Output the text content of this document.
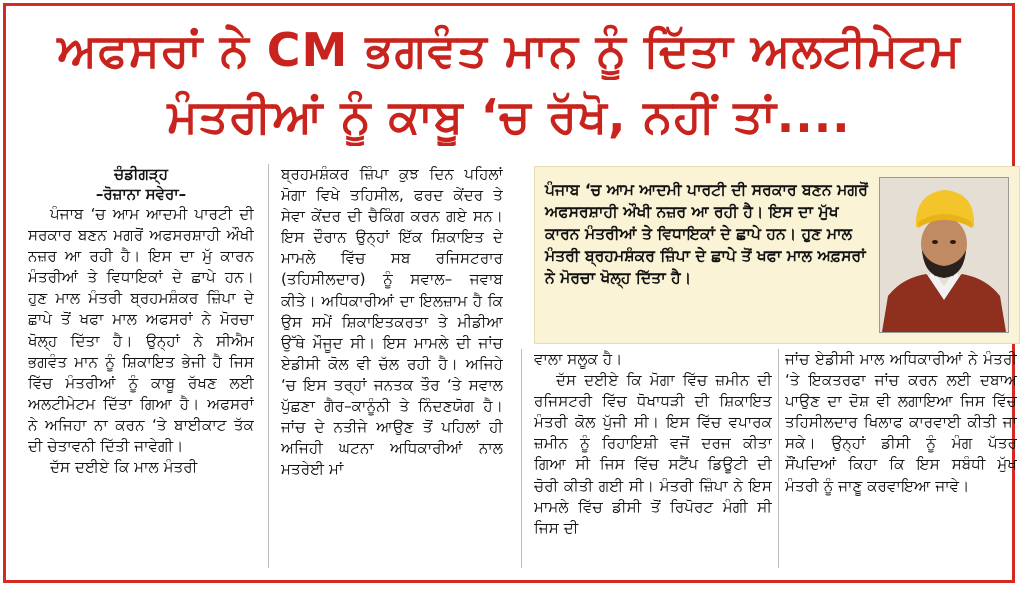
ਅਫਸਰਾਂ ਨੇ CM ਭਗਵੰਤ ਮਾਨ ਨੂੰ ਦਿੱਤਾ ਅਲਟੀਮੇਟਮ
ਮੰਤਰੀਆਂ ਨੂੰ ਕਾਬੂ ‘ਚ ਰੱਖੋ, ਨਹੀਂ ਤਾਂ....
ਚੰਡੀਗੜ੍ਹ
–ਰੋਜ਼ਾਨਾ ਸਵੇਰਾ–

ਪੰਜਾਬ ‘ਚ ਆਮ ਆਦਮੀ ਪਾਰਟੀ ਦੀ ਸਰਕਾਰ ਬਣਨ ਮਗਰੋਂ ਅਫਸਰਸ਼ਾਹੀ ਔਖੀ ਨਜ਼ਰ ਆ ਰਹੀ ਹੈ। ਇਸ ਦਾ ਮੁੱ ਕਾਰਨ ਮੰਤਰੀਆਂ ਤੇ ਵਿਧਾਇਕਾਂ ਦੇ ਛਾਪੇ ਹਨ। ਹੁਣ ਮਾਲ ਮੰਤਰੀ ਬ੍ਰਹਮਸ਼ੰਕਰ ਜ਼ਿੰਪਾ ਦੇ ਛਾਪੇ ਤੋਂ ਖਫਾ ਮਾਲ ਅਫਸਰਾਂ ਨੇ ਮੋਰਚਾ ਖੋਲ੍ਹ ਦਿੱਤਾ ਹੈ। ਉਨ੍ਹਾਂ ਨੇ ਸੀਐਮ ਭਗਵੰਤ ਮਾਨ ਨੂੰ ਸ਼ਿਕਾਇਤ ਭੇਜੀ ਹੈ ਜਿਸ ਵਿੱਚ ਮੰਤਰੀਆਂ ਨੂੰ ਕਾਬੂ ਰੱਖਣ ਲਈ ਅਲਟੀਮੇਟਮ ਦਿੱਤਾ ਗਿਆ ਹੈ। ਅਫਸਰਾਂ ਨੇ ਅਜਿਹਾ ਨਾ ਕਰਨ ‘ਤੇ ਬਾਈਕਾਟ ਤੱਕ ਦੀ ਚੇਤਾਵਨੀ ਦਿੱਤੀ ਜਾਵੇਗੀ।

ਦੱਸ ਦਈਏ ਕਿ ਮਾਲ ਮੰਤਰੀ

ਬ੍ਰਹਮਸ਼ੰਕਰ ਜ਼ਿੰਪਾ ਕੁਝ ਦਿਨ ਪਹਿਲਾਂ ਮੋਗਾ ਵਿਖੇ ਤਹਿਸੀਲ, ਫਰਦ ਕੇਂਦਰ ਤੇ ਸੇਵਾ ਕੇਂਦਰ ਦੀ ਚੈਕਿੰਗ ਕਰਨ ਗਏ ਸਨ। ਇਸ ਦੌਰਾਨ ਉਨ੍ਹਾਂ ਇੱਕ ਸ਼ਿਕਾਇਤ ਦੇ ਮਾਮਲੇ ਵਿੱਚ ਸਬ ਰਜਿਸਟਰਾਰ (ਤਹਿਸੀਲਦਾਰ) ਨੂੰ ਸਵਾਲ– ਜਵਾਬ ਕੀਤੇ। ਅਧਿਕਾਰੀਆਂ ਦਾ ਇਲਜ਼ਾਮ ਹੈ ਕਿ ਉਸ ਸਮੇਂ ਸ਼ਿਕਾਇਤਕਰਤਾ ਤੇ ਮੀਡੀਆ ਉੱਥੇ ਮੌਜੂਦ ਸੀ। ਇਸ ਮਾਮਲੇ ਦੀ ਜਾਂਚ ਏਡੀਸੀ ਕੋਲ ਵੀ ਚੱਲ ਰਹੀ ਹੈ। ਅਜਿਹੇ ‘ਚ ਇਸ ਤਰ੍ਹਾਂ ਜਨਤਕ ਤੌਰ ‘ਤੇ ਸਵਾਲ ਪੁੱਛਣਾ ਗੈਰ–ਕਾਨੂੰਨੀ ਤੇ ਨਿੰਦਣਯੋਗ ਹੈ। ਜਾਂਚ ਦੇ ਨਤੀਜੇ ਆਉਣ ਤੋਂ ਪਹਿਲਾਂ ਹੀ ਅਜਿਹੀ ਘਟਨਾ ਅਧਿਕਾਰੀਆਂ ਨਾਲ ਮਤਰੇਈ ਮਾਂ

ਪੰਜਾਬ ‘ਚ ਆਮ ਆਦਮੀ ਪਾਰਟੀ ਦੀ ਸਰਕਾਰ ਬਣਨ ਮਗਰੋਂ ਅਫਸਰਸ਼ਾਹੀ ਔਖੀ ਨਜ਼ਰ ਆ ਰਹੀ ਹੈ। ਇਸ ਦਾ ਮੁੱਖ ਕਾਰਨ ਮੰਤਰੀਆਂ ਤੇ ਵਿਧਾਇਕਾਂ ਦੇ ਛਾਪੇ ਹਨ। ਹੁਣ ਮਾਲ ਮੰਤਰੀ ਬ੍ਰਹਮਸ਼ੰਕਰ ਜ਼ਿੰਪਾ ਦੇ ਛਾਪੇ ਤੋਂ ਖਫਾ ਮਾਲ ਅਫ਼ਸਰਾਂ ਨੇ ਮੋਰਚਾ ਖੋਲ੍ਹ ਦਿੱਤਾ ਹੈ।

ਵਾਲਾ ਸਲੂਕ ਹੈ।

ਦੱਸ ਦਈਏ ਕਿ ਮੋਗਾ ਵਿੱਚ ਜ਼ਮੀਨ ਦੀ ਰਜਿਸਟਰੀ ਵਿੱਚ ਧੋਖਾਧੜੀ ਦੀ ਸ਼ਿਕਾਇਤ ਮੰਤਰੀ ਕੋਲ ਪੁੱਜੀ ਸੀ। ਇਸ ਵਿੱਚ ਵਪਾਰਕ ਜ਼ਮੀਨ ਨੂੰ ਰਿਹਾਇਸ਼ੀ ਵਜੋਂ ਦਰਜ ਕੀਤਾ ਗਿਆ ਸੀ ਜਿਸ ਵਿੱਚ ਸਟੈਂਪ ਡਿਊਟੀ ਦੀ ਚੋਰੀ ਕੀਤੀ ਗਈ ਸੀ। ਮੰਤਰੀ ਜ਼ਿੰਪਾ ਨੇ ਇਸ ਮਾਮਲੇ ਵਿੱਚ ਡੀਸੀ ਤੋਂ ਰਿਪੋਰਟ ਮੰਗੀ ਸੀ ਜਿਸ ਦੀ

ਜਾਂਚ ਏਡੀਸੀ ਮਾਲ ਅਧਿਕਾਰੀਆਂ ਨੇ ਮੰਤਰੀ ‘ਤੇ ਇਕਤਰਫਾ ਜਾਂਚ ਕਰਨ ਲਈ ਦਬਾਅ ਪਾਉਣ ਦਾ ਦੋਸ਼ ਵੀ ਲਗਾਇਆ ਜਿਸ ਵਿੱਚ ਤਹਿਸੀਲਦਾਰ ਖਿਲਾਫ ਕਾਰਵਾਈ ਕੀਤੀ ਜਾ ਸਕੇ। ਉਨ੍ਹਾਂ ਡੀਸੀ ਨੂੰ ਮੰਗ ਪੱਤਰ ਸੌਂਪਦਿਆਂ ਕਿਹਾ ਕਿ ਇਸ ਸਬੰਧੀ ਮੁੱਖ ਮੰਤਰੀ ਨੂੰ ਜਾਣੂ ਕਰਵਾਇਆ ਜਾਵੇ।
